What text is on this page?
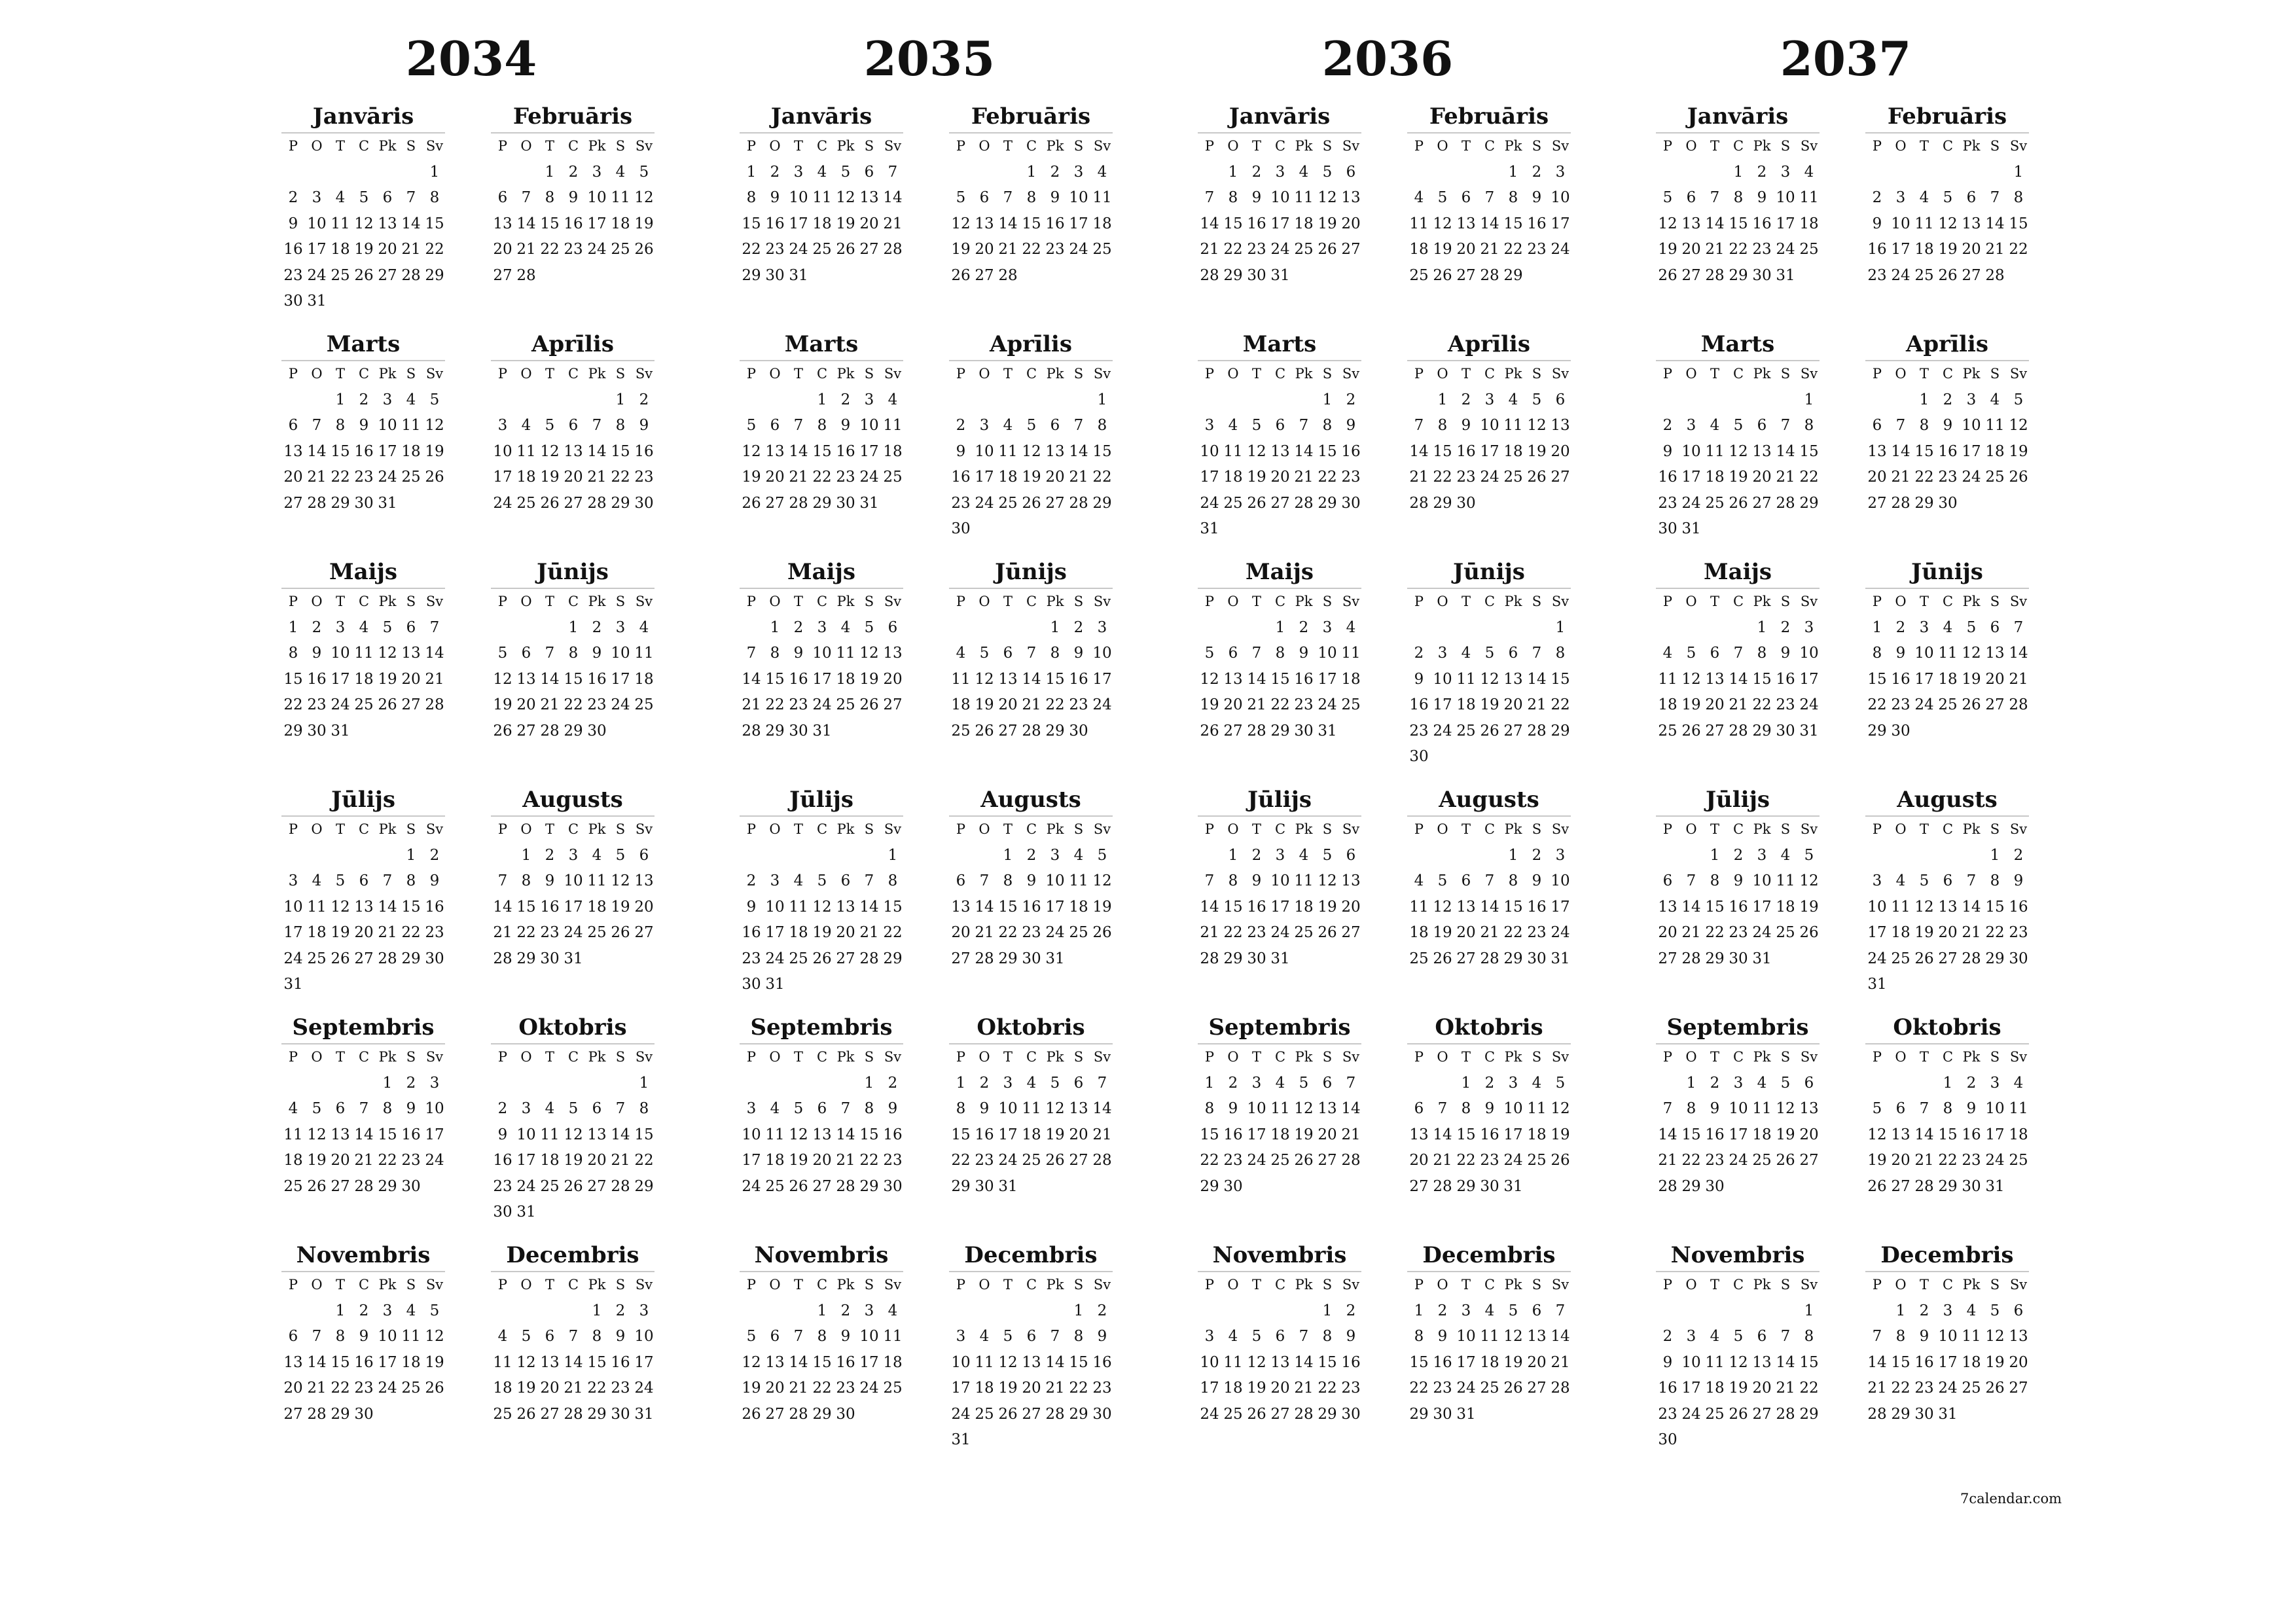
2034
Janvāris
P O T C Pk S Sv
1
2 3 4 5 6 7 8
9 10 11 12 13 14 15
16 17 18 19 20 21 22
23 24 25 26 27 28 29
30 31
Februāris
P O T C Pk S Sv
1 2 3 4 5
6 7 8 9 10 11 12
13 14 15 16 17 18 19
20 21 22 23 24 25 26
27 28
Marts
P O T C Pk S Sv
1 2 3 4 5
6 7 8 9 10 11 12
13 14 15 16 17 18 19
20 21 22 23 24 25 26
27 28 29 30 31
Aprīlis
P O T C Pk S Sv
1 2
3 4 5 6 7 8 9
10 11 12 13 14 15 16
17 18 19 20 21 22 23
24 25 26 27 28 29 30
Maijs
P O T C Pk S Sv
1 2 3 4 5 6 7
8 9 10 11 12 13 14
15 16 17 18 19 20 21
22 23 24 25 26 27 28
29 30 31
Jūnijs
P O T C Pk S Sv
1 2 3 4
5 6 7 8 9 10 11
12 13 14 15 16 17 18
19 20 21 22 23 24 25
26 27 28 29 30
Jūlijs
P O T C Pk S Sv
1 2
3 4 5 6 7 8 9
10 11 12 13 14 15 16
17 18 19 20 21 22 23
24 25 26 27 28 29 30
31
Augusts
P O T C Pk S Sv
1 2 3 4 5 6
7 8 9 10 11 12 13
14 15 16 17 18 19 20
21 22 23 24 25 26 27
28 29 30 31
Septembris
P O T C Pk S Sv
1 2 3
4 5 6 7 8 9 10
11 12 13 14 15 16 17
18 19 20 21 22 23 24
25 26 27 28 29 30
Oktobris
P O T C Pk S Sv
1
2 3 4 5 6 7 8
9 10 11 12 13 14 15
16 17 18 19 20 21 22
23 24 25 26 27 28 29
30 31
Novembris
P O T C Pk S Sv
1 2 3 4 5
6 7 8 9 10 11 12
13 14 15 16 17 18 19
20 21 22 23 24 25 26
27 28 29 30
Decembris
P O T C Pk S Sv
1 2 3
4 5 6 7 8 9 10
11 12 13 14 15 16 17
18 19 20 21 22 23 24
25 26 27 28 29 30 31
2035
Janvāris
P O T C Pk S Sv
1 2 3 4 5 6 7
8 9 10 11 12 13 14
15 16 17 18 19 20 21
22 23 24 25 26 27 28
29 30 31
Februāris
P O T C Pk S Sv
1 2 3 4
5 6 7 8 9 10 11
12 13 14 15 16 17 18
19 20 21 22 23 24 25
26 27 28
Marts
P O T C Pk S Sv
1 2 3 4
5 6 7 8 9 10 11
12 13 14 15 16 17 18
19 20 21 22 23 24 25
26 27 28 29 30 31
Aprīlis
P O T C Pk S Sv
1
2 3 4 5 6 7 8
9 10 11 12 13 14 15
16 17 18 19 20 21 22
23 24 25 26 27 28 29
30
Maijs
P O T C Pk S Sv
1 2 3 4 5 6
7 8 9 10 11 12 13
14 15 16 17 18 19 20
21 22 23 24 25 26 27
28 29 30 31
Jūnijs
P O T C Pk S Sv
1 2 3
4 5 6 7 8 9 10
11 12 13 14 15 16 17
18 19 20 21 22 23 24
25 26 27 28 29 30
Jūlijs
P O T C Pk S Sv
1
2 3 4 5 6 7 8
9 10 11 12 13 14 15
16 17 18 19 20 21 22
23 24 25 26 27 28 29
30 31
Augusts
P O T C Pk S Sv
1 2 3 4 5
6 7 8 9 10 11 12
13 14 15 16 17 18 19
20 21 22 23 24 25 26
27 28 29 30 31
Septembris
P O T C Pk S Sv
1 2
3 4 5 6 7 8 9
10 11 12 13 14 15 16
17 18 19 20 21 22 23
24 25 26 27 28 29 30
Oktobris
P O T C Pk S Sv
1 2 3 4 5 6 7
8 9 10 11 12 13 14
15 16 17 18 19 20 21
22 23 24 25 26 27 28
29 30 31
Novembris
P O T C Pk S Sv
1 2 3 4
5 6 7 8 9 10 11
12 13 14 15 16 17 18
19 20 21 22 23 24 25
26 27 28 29 30
Decembris
P O T C Pk S Sv
1 2
3 4 5 6 7 8 9
10 11 12 13 14 15 16
17 18 19 20 21 22 23
24 25 26 27 28 29 30
31
2036
Janvāris
P O T C Pk S Sv
1 2 3 4 5 6
7 8 9 10 11 12 13
14 15 16 17 18 19 20
21 22 23 24 25 26 27
28 29 30 31
Februāris
P O T C Pk S Sv
1 2 3
4 5 6 7 8 9 10
11 12 13 14 15 16 17
18 19 20 21 22 23 24
25 26 27 28 29
Marts
P O T C Pk S Sv
1 2
3 4 5 6 7 8 9
10 11 12 13 14 15 16
17 18 19 20 21 22 23
24 25 26 27 28 29 30
31
Aprīlis
P O T C Pk S Sv
1 2 3 4 5 6
7 8 9 10 11 12 13
14 15 16 17 18 19 20
21 22 23 24 25 26 27
28 29 30
Maijs
P O T C Pk S Sv
1 2 3 4
5 6 7 8 9 10 11
12 13 14 15 16 17 18
19 20 21 22 23 24 25
26 27 28 29 30 31
Jūnijs
P O T C Pk S Sv
1
2 3 4 5 6 7 8
9 10 11 12 13 14 15
16 17 18 19 20 21 22
23 24 25 26 27 28 29
30
Jūlijs
P O T C Pk S Sv
1 2 3 4 5 6
7 8 9 10 11 12 13
14 15 16 17 18 19 20
21 22 23 24 25 26 27
28 29 30 31
Augusts
P O T C Pk S Sv
1 2 3
4 5 6 7 8 9 10
11 12 13 14 15 16 17
18 19 20 21 22 23 24
25 26 27 28 29 30 31
Septembris
P O T C Pk S Sv
1 2 3 4 5 6 7
8 9 10 11 12 13 14
15 16 17 18 19 20 21
22 23 24 25 26 27 28
29 30
Oktobris
P O T C Pk S Sv
1 2 3 4 5
6 7 8 9 10 11 12
13 14 15 16 17 18 19
20 21 22 23 24 25 26
27 28 29 30 31
Novembris
P O T C Pk S Sv
1 2
3 4 5 6 7 8 9
10 11 12 13 14 15 16
17 18 19 20 21 22 23
24 25 26 27 28 29 30
Decembris
P O T C Pk S Sv
1 2 3 4 5 6 7
8 9 10 11 12 13 14
15 16 17 18 19 20 21
22 23 24 25 26 27 28
29 30 31
2037
Janvāris
P O T C Pk S Sv
1 2 3 4
5 6 7 8 9 10 11
12 13 14 15 16 17 18
19 20 21 22 23 24 25
26 27 28 29 30 31
Februāris
P O T C Pk S Sv
1
2 3 4 5 6 7 8
9 10 11 12 13 14 15
16 17 18 19 20 21 22
23 24 25 26 27 28
Marts
P O T C Pk S Sv
1
2 3 4 5 6 7 8
9 10 11 12 13 14 15
16 17 18 19 20 21 22
23 24 25 26 27 28 29
30 31
Aprīlis
P O T C Pk S Sv
1 2 3 4 5
6 7 8 9 10 11 12
13 14 15 16 17 18 19
20 21 22 23 24 25 26
27 28 29 30
Maijs
P O T C Pk S Sv
1 2 3
4 5 6 7 8 9 10
11 12 13 14 15 16 17
18 19 20 21 22 23 24
25 26 27 28 29 30 31
Jūnijs
P O T C Pk S Sv
1 2 3 4 5 6 7
8 9 10 11 12 13 14
15 16 17 18 19 20 21
22 23 24 25 26 27 28
29 30
Jūlijs
P O T C Pk S Sv
1 2 3 4 5
6 7 8 9 10 11 12
13 14 15 16 17 18 19
20 21 22 23 24 25 26
27 28 29 30 31
Augusts
P O T C Pk S Sv
1 2
3 4 5 6 7 8 9
10 11 12 13 14 15 16
17 18 19 20 21 22 23
24 25 26 27 28 29 30
31
Septembris
P O T C Pk S Sv
1 2 3 4 5 6
7 8 9 10 11 12 13
14 15 16 17 18 19 20
21 22 23 24 25 26 27
28 29 30
Oktobris
P O T C Pk S Sv
1 2 3 4
5 6 7 8 9 10 11
12 13 14 15 16 17 18
19 20 21 22 23 24 25
26 27 28 29 30 31
Novembris
P O T C Pk S Sv
1
2 3 4 5 6 7 8
9 10 11 12 13 14 15
16 17 18 19 20 21 22
23 24 25 26 27 28 29
30
Decembris
P O T C Pk S Sv
1 2 3 4 5 6
7 8 9 10 11 12 13
14 15 16 17 18 19 20
21 22 23 24 25 26 27
28 29 30 31
7calendar.com
